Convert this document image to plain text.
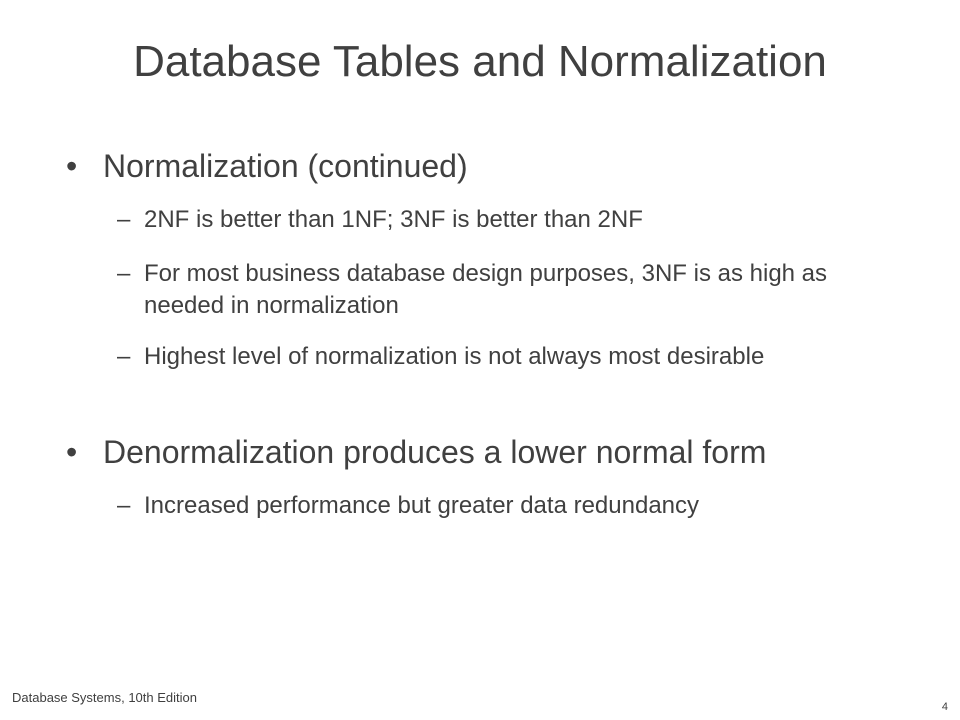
Database Tables and Normalization
• Normalization (continued)
– 2NF is better than 1NF; 3NF is better than 2NF
– For most business database design purposes, 3NF is as high as needed in normalization
– Highest level of normalization is not always most desirable
• Denormalization produces a lower normal form
– Increased performance but greater data redundancy
Database Systems, 10th Edition
4
